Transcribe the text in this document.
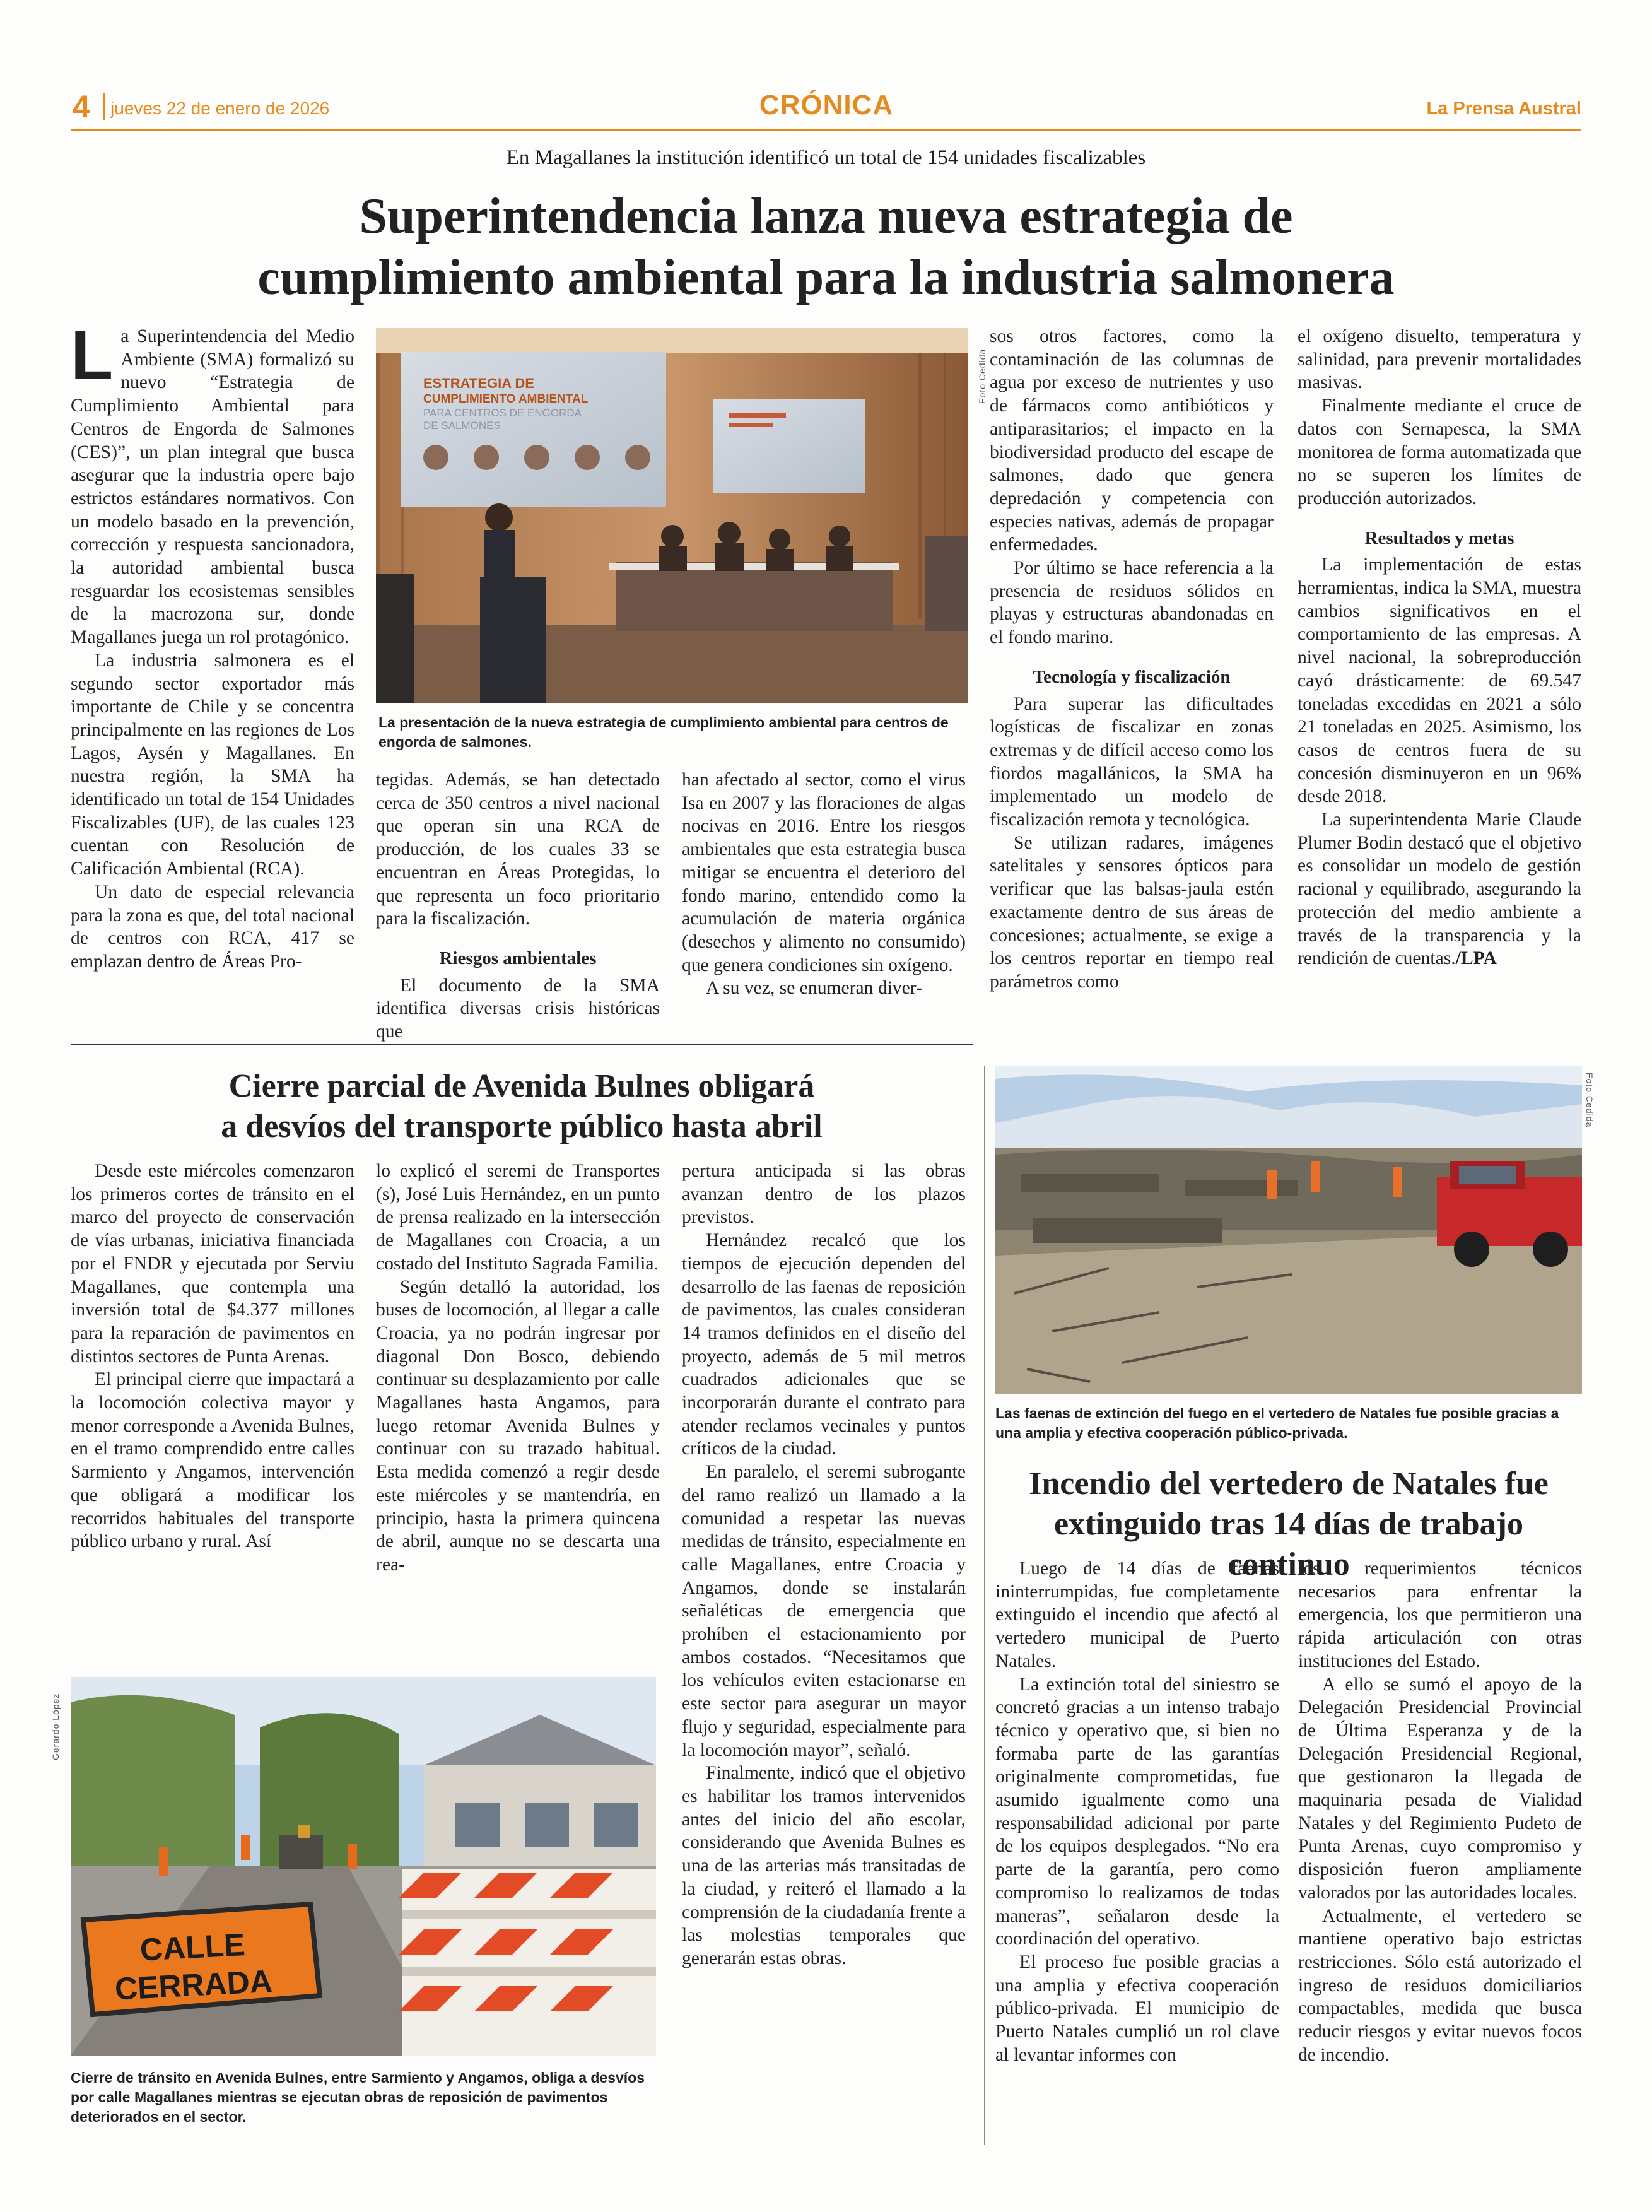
4 jueves 22 de enero de 2026	CRÓNICA	La Prensa Austral
En Magallanes la institución identificó un total de 154 unidades fiscalizables
Superintendencia lanza nueva estrategia de
cumplimiento ambiental para la industria salmonera
ESTRATEGIA DE
CUMPLIMIENTO AMBIENTAL
PARA CENTROS DE ENGORDA
DE SALMONES
Foto Cedida
La presentación de la nueva estrategia de cumplimiento ambiental para centros de engorda de salmones.

La Superintendencia del Medio Ambiente (SMA) formalizó su nuevo “Estrategia de Cumplimiento Ambiental para Centros de Engorda de Salmones (CES)”, un plan integral que busca asegurar que la industria opere bajo estrictos estándares normativos. Con un modelo basado en la prevención, corrección y respuesta sancionadora, la autoridad ambiental busca resguardar los ecosistemas sensibles de la macrozona sur, donde Magallanes juega un rol protagónico.

La industria salmonera es el segundo sector exportador más importante de Chile y se concentra principalmente en las regiones de Los Lagos, Aysén y Magallanes. En nuestra región, la SMA ha identificado un total de 154 Unidades Fiscalizables (UF), de las cuales 123 cuentan con Resolución de Calificación Ambiental (RCA).

Un dato de especial relevancia para la zona es que, del total nacional de centros con RCA, 417 se emplazan dentro de Áreas Pro-

tegidas. Además, se han detectado cerca de 350 centros a nivel nacional que operan sin una RCA de producción, de los cuales 33 se encuentran en Áreas Protegidas, lo que representa un foco prioritario para la fiscalización.

Riesgos ambientales

El documento de la SMA identifica diversas crisis históricas que

han afectado al sector, como el virus Isa en 2007 y las floraciones de algas nocivas en 2016. Entre los riesgos ambientales que esta estrategia busca mitigar se encuentra el deterioro del fondo marino, entendido como la acumulación de materia orgánica (desechos y alimento no consumido) que genera condiciones sin oxígeno.

A su vez, se enumeran diver-

sos otros factores, como la contaminación de las columnas de agua por exceso de nutrientes y uso de fármacos como antibióticos y antiparasitarios; el impacto en la biodiversidad producto del escape de salmones, dado que genera depredación y competencia con especies nativas, además de propagar enfermedades.

Por último se hace referencia a la presencia de residuos sólidos en playas y estructuras abandonadas en el fondo marino.

Tecnología y fiscalización

Para superar las dificultades logísticas de fiscalizar en zonas extremas y de difícil acceso como los fiordos magallánicos, la SMA ha implementado un modelo de fiscalización remota y tecnológica.

Se utilizan radares, imágenes satelitales y sensores ópticos para verificar que las balsas-jaula estén exactamente dentro de sus áreas de concesiones; actualmente, se exige a los centros reportar en tiempo real parámetros como

el oxígeno disuelto, temperatura y salinidad, para prevenir mortalidades masivas.

Finalmente mediante el cruce de datos con Sernapesca, la SMA monitorea de forma automatizada que no se superen los límites de producción autorizados.

Resultados y metas

La implementación de estas herramientas, indica la SMA, muestra cambios significativos en el comportamiento de las empresas. A nivel nacional, la sobreproducción cayó drásticamente: de 69.547 toneladas excedidas en 2021 a sólo 21 toneladas en 2025. Asimismo, los casos de centros fuera de su concesión disminuyeron en un 96% desde 2018.

La superintendenta Marie Claude Plumer Bodin destacó que el objetivo es consolidar un modelo de gestión racional y equilibrado, asegurando la protección del medio ambiente a través de la transparencia y la rendición de cuentas./LPA

Cierre parcial de Avenida Bulnes obligará
a desvíos del transporte público hasta abril

Desde este miércoles comenzaron los primeros cortes de tránsito en el marco del proyecto de conservación de vías urbanas, iniciativa financiada por el FNDR y ejecutada por Serviu Magallanes, que contempla una inversión total de $4.377 millones para la reparación de pavimentos en distintos sectores de Punta Arenas.

El principal cierre que impactará a la locomoción colectiva mayor y menor corresponde a Avenida Bulnes, en el tramo comprendido entre calles Sarmiento y Angamos, intervención que obligará a modificar los recorridos habituales del transporte público urbano y rural. Así

lo explicó el seremi de Transportes (s), José Luis Hernández, en un punto de prensa realizado en la intersección de Magallanes con Croacia, a un costado del Instituto Sagrada Familia.

Según detalló la autoridad, los buses de locomoción, al llegar a calle Croacia, ya no podrán ingresar por diagonal Don Bosco, debiendo continuar su desplazamiento por calle Magallanes hasta Angamos, para luego retomar Avenida Bulnes y continuar con su trazado habitual. Esta medida comenzó a regir desde este miércoles y se mantendría, en principio, hasta la primera quincena de abril, aunque no se descarta una rea-

pertura anticipada si las obras avanzan dentro de los plazos previstos.

Hernández recalcó que los tiempos de ejecución dependen del desarrollo de las faenas de reposición de pavimentos, las cuales consideran 14 tramos definidos en el diseño del proyecto, además de 5 mil metros cuadrados adicionales que se incorporarán durante el contrato para atender reclamos vecinales y puntos críticos de la ciudad.

En paralelo, el seremi subrogante del ramo realizó un llamado a la comunidad a respetar las nuevas medidas de tránsito, especialmente en calle Magallanes, entre Croacia y Angamos, donde se instalarán señaléticas de emergencia que prohíben el estacionamiento por ambos costados. “Necesitamos que los vehículos eviten estacionarse en este sector para asegurar un mayor flujo y seguridad, especialmente para la locomoción mayor”, señaló.

Finalmente, indicó que el objetivo es habilitar los tramos intervenidos antes del inicio del año escolar, considerando que Avenida Bulnes es una de las arterias más transitadas de la ciudad, y reiteró el llamado a la comprensión de la ciudadanía frente a las molestias temporales que generarán estas obras.

CALLE
CERRADA
Gerardo López
Cierre de tránsito en Avenida Bulnes, entre Sarmiento y Angamos, obliga a desvíos por calle Magallanes mientras se ejecutan obras de reposición de pavimentos deteriorados en el sector.
Foto Cedida
Las faenas de extinción del fuego en el vertedero de Natales fue posible gracias a una amplia y efectiva cooperación público-privada.
Incendio del vertedero de Natales fue
extinguido tras 14 días de trabajo continuo

Luego de 14 días de faenas ininterrumpidas, fue completamente extinguido el incendio que afectó al vertedero municipal de Puerto Natales.

La extinción total del siniestro se concretó gracias a un intenso trabajo técnico y operativo que, si bien no formaba parte de las garantías originalmente comprometidas, fue asumido igualmente como una responsabilidad adicional por parte de los equipos desplegados. “No era parte de la garantía, pero como compromiso lo realizamos de todas maneras”, señalaron desde la coordinación del operativo.

El proceso fue posible gracias a una amplia y efectiva cooperación público-privada. El municipio de Puerto Natales cumplió un rol clave al levantar informes con

los requerimientos técnicos necesarios para enfrentar la emergencia, los que permitieron una rápida articulación con otras instituciones del Estado.

A ello se sumó el apoyo de la Delegación Presidencial Provincial de Última Esperanza y de la Delegación Presidencial Regional, que gestionaron la llegada de maquinaria pesada de Vialidad Natales y del Regimiento Pudeto de Punta Arenas, cuyo compromiso y disposición fueron ampliamente valorados por las autoridades locales.

Actualmente, el vertedero se mantiene operativo bajo estrictas restricciones. Sólo está autorizado el ingreso de residuos domiciliarios compactables, medida que busca reducir riesgos y evitar nuevos focos de incendio.
